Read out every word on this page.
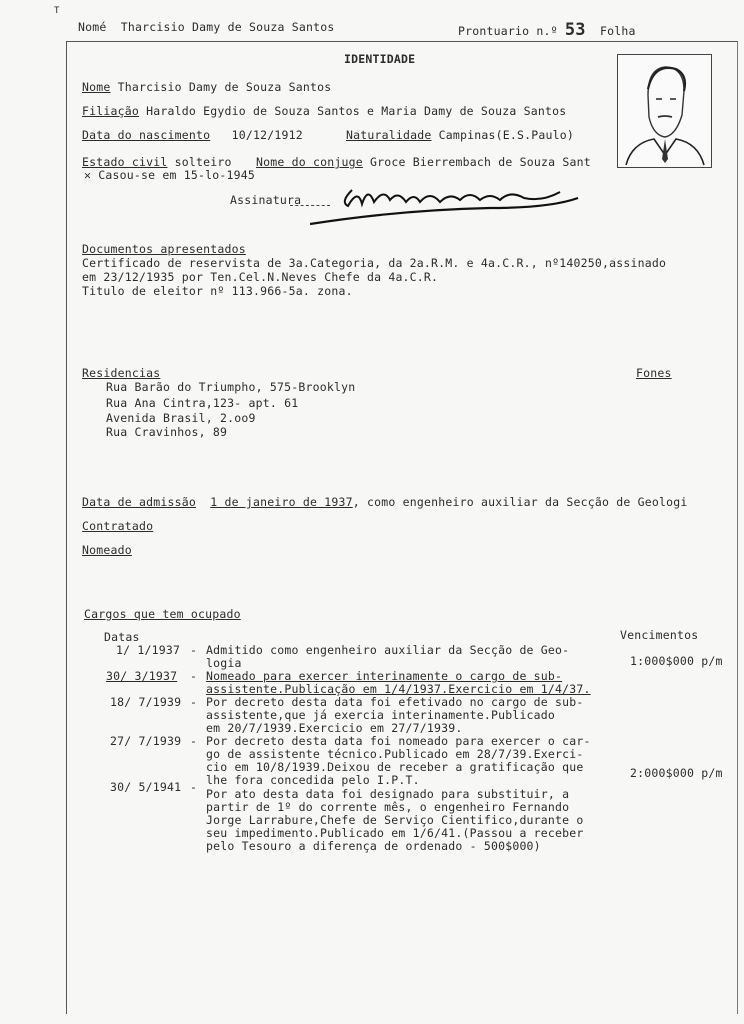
T
Nomé Tharcisio Damy de Souza Santos	Prontuario n.º 53 Folha
IDENTIDADE
Nome Tharcisio Damy de Souza Santos
Filiação Haraldo Egydio de Souza Santos e Maria Damy de Souza Santos
Data do nascimento 10/12/1912	Naturalidade Campinas(E.S.Paulo)
Estado civil solteiro Nome do conjuge Groce Bierrembach de Souza Sant
✕ Casou-se em 15-lo-1945
Assinatura
Documentos apresentados
Certificado de reservista de 3a.Categoria, da 2a.R.M. e 4a.C.R., nº140250,assinado
em 23/12/1935 por Ten.Cel.N.Neves Chefe da 4a.C.R.
Titulo de eleitor nº 113.966-5a. zona.
Residencias	Fones
Rua Barão do Triumpho, 575-Brooklyn
Rua Ana Cintra,123- apt. 61
Avenida Brasil, 2.oo9
Rua Cravinhos, 89
Data de admissão 1 de janeiro de 1937, como engenheiro auxiliar da Secção de Geologi
Contratado
Nomeado
Cargos que tem ocupado
Datas	Vencimentos
1/ 1/1937 - Admitido como engenheiro auxiliar da Secção de Geo-
logia	1:000$000 p/m
30/ 3/1937 - Nomeado para exercer interinamente o cargo de sub-
assistente.Publicação em 1/4/1937.Exercicio em 1/4/37.
18/ 7/1939 - Por decreto desta data foi efetivado no cargo de sub-
assistente,que já exercia interinamente.Publicado
em 20/7/1939.Exercicio em 27/7/1939.
27/ 7/1939 - Por decreto desta data foi nomeado para exercer o car-
go de assistente técnico.Publicado em 28/7/39.Exerci-
cio em 10/8/1939.Deixou de receber a gratificação que
lhe fora concedida pelo I.P.T.	2:000$000 p/m
30/ 5/1941 - Por ato desta data foi designado para substituir, a
partir de 1º do corrente mês, o engenheiro Fernando
Jorge Larrabure,Chefe de Serviço Cientifico,durante o
seu impedimento.Publicado em 1/6/41.(Passou a receber
pelo Tesouro a diferença de ordenado - 500$000)
